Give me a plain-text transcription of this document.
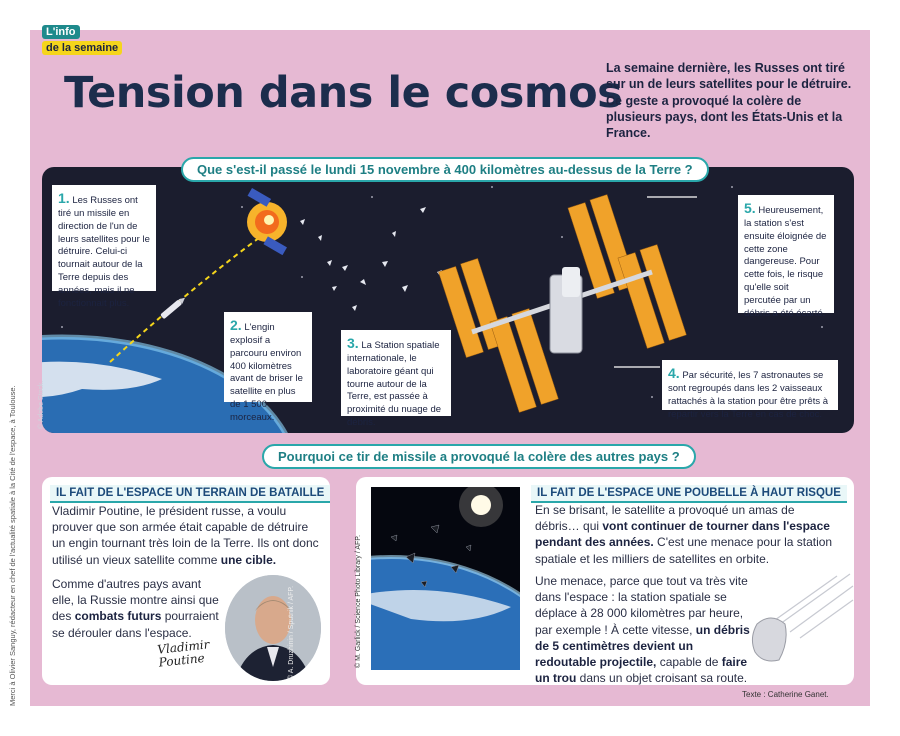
Merci à Olivier Sanguy, rédacteur en chef de l'actualité spatiale à la Cité de l'espace, à Toulouse.
L'info
de la semaine
Tension dans le cosmos

La semaine dernière, les Russes ont tiré sur un de leurs satellites pour le détruire. Ce geste a provoqué la colère de plusieurs pays, dont les États-Unis et la France.

© Adobe Stock.
Que s'est-il passé le lundi 15 novembre à 400 kilomètres au-dessus de la Terre ?
1. Les Russes ont tiré un missile en direction de l'un de leurs satellites pour le détruire. Celui-ci tournait autour de la Terre depuis des années, mais il ne fonctionnait plus.
2. L'engin explosif a parcouru environ 400 kilomètres avant de briser le satellite en plus de 1 500 morceaux.
3. La Station spatiale internationale, le laboratoire géant qui tourne autour de la Terre, est passée à proximité du nuage de débris.
4. Par sécurité, les 7 astronautes se sont regroupés dans les 2 vaisseaux rattachés à la station pour être prêts à repartir vers la Terre en cas de choc.
5. Heureusement, la station s'est ensuite éloignée de cette zone dangereuse. Pour cette fois, le risque qu'elle soit percutée par un débris a été écarté.
Pourquoi ce tir de missile a provoqué la colère des autres pays ?
IL FAIT DE L'ESPACE UN TERRAIN DE BATAILLE

Vladimir Poutine, le président russe, a voulu prouver que son armée était capable de détruire un engin tournant très loin de la Terre. Ils ont donc utilisé un vieux satellite comme une cible.

Comme d'autres pays avant elle, la Russie montre ainsi que des combats futurs pourraient se dérouler dans l'espace.

Vladimir
Poutine	© A. Druzhinin / Sputnik / AFP.	© M. Garlick / Science Photo Library / AFP.
IL FAIT DE L'ESPACE UNE POUBELLE À HAUT RISQUE

En se brisant, le satellite a provoqué un amas de débris… qui vont continuer de tourner dans l'espace pendant des années. C'est une menace pour la station spatiale et les milliers de satellites en orbite.

Une menace, parce que tout va très vite dans l'espace : la station spatiale se déplace à 28 000 kilomètres par heure, par exemple ! À cette vitesse, un débris de 5 centimètres devient un redoutable projectile, capable de faire un trou dans un objet croisant sa route.

Texte : Catherine Ganet.
